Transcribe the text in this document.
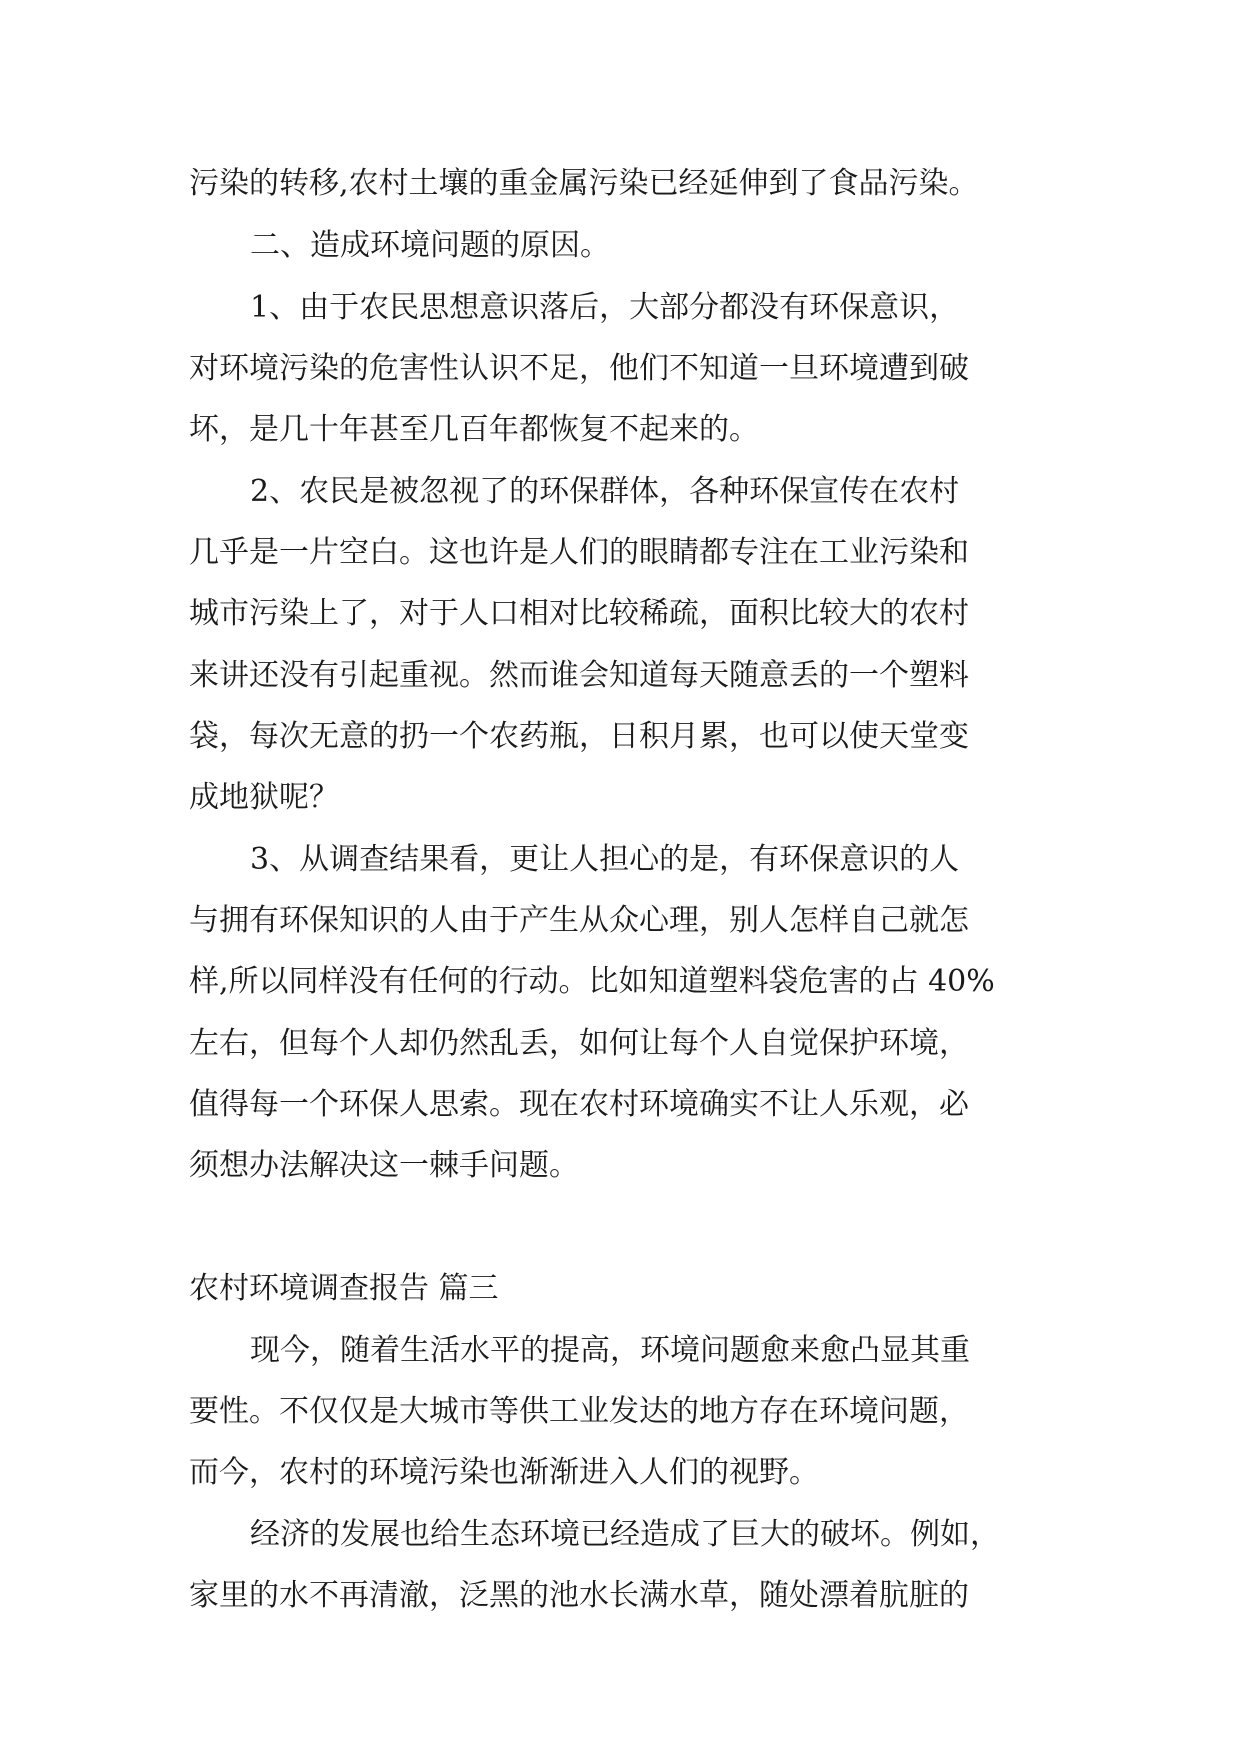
污染的转移,农村土壤的重金属污染已经延伸到了食品污染。

二、造成环境问题的原因。

1、由于农民思想意识落后，大部分都没有环保意识，

对环境污染的危害性认识不足，他们不知道一旦环境遭到破

坏，是几十年甚至几百年都恢复不起来的。

2、农民是被忽视了的环保群体，各种环保宣传在农村

几乎是一片空白。这也许是人们的眼睛都专注在工业污染和

城市污染上了，对于人口相对比较稀疏，面积比较大的农村

来讲还没有引起重视。然而谁会知道每天随意丢的一个塑料

袋，每次无意的扔一个农药瓶，日积月累，也可以使天堂变

成地狱呢？

3、从调查结果看，更让人担心的是，有环保意识的人

与拥有环保知识的人由于产生从众心理，别人怎样自己就怎

样,所以同样没有任何的行动。比如知道塑料袋危害的占 40%

左右，但每个人却仍然乱丢，如何让每个人自觉保护环境，

值得每一个环保人思索。现在农村环境确实不让人乐观，必

须想办法解决这一棘手问题。

农村环境调查报告 篇三

现今，随着生活水平的提高，环境问题愈来愈凸显其重

要性。不仅仅是大城市等供工业发达的地方存在环境问题，

而今，农村的环境污染也渐渐进入人们的视野。

经济的发展也给生态环境已经造成了巨大的破坏。例如，

家里的水不再清澈，泛黑的池水长满水草，随处漂着肮脏的
